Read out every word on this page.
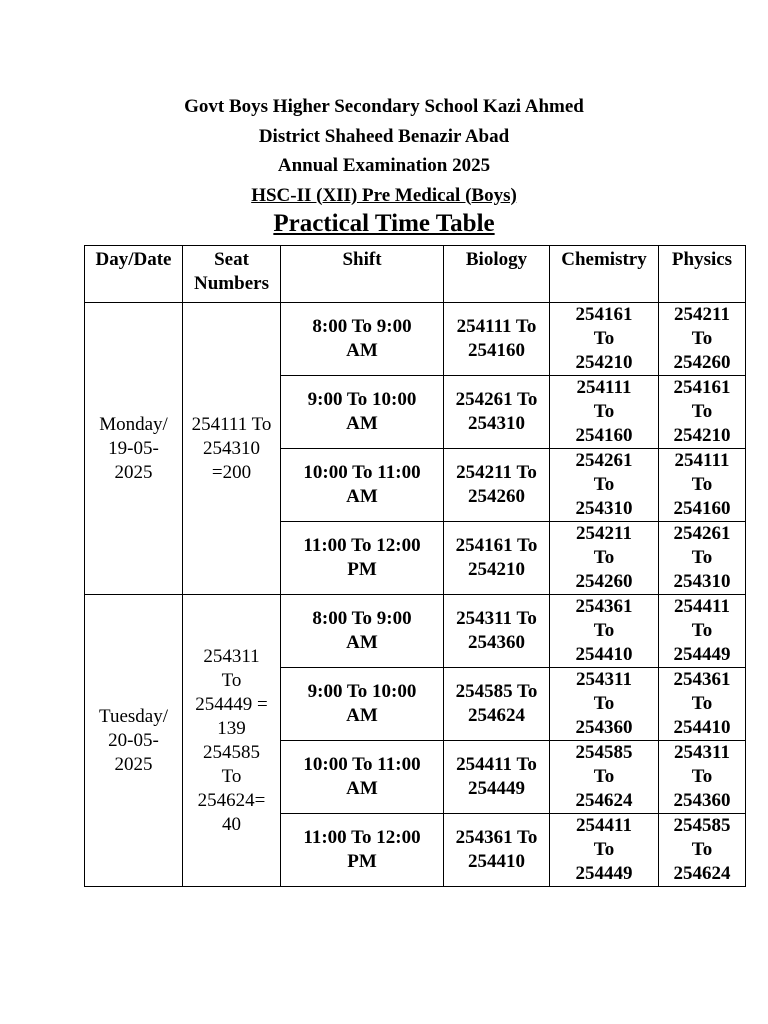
Govt Boys Higher Secondary School Kazi Ahmed
District Shaheed Benazir Abad
Annual Examination 2025
HSC-II (XII) Pre Medical (Boys)
Practical Time Table
Day/Date	Seat Numbers	Shift	Biology	Chemistry	Physics

Monday/ 19-05-2025	254111 To 254310 =200	8:00 To 9:00 AM	254111 To 254160	254161 To 254210	254211 To 254260

		9:00 To 10:00 AM	254261 To 254310	254111 To 254160	254161 To 254210

		10:00 To 11:00 AM	254211 To 254260	254261 To 254310	254111 To 254160

		11:00 To 12:00 PM	254161 To 254210	254211 To 254260	254261 To 254310

Tuesday/ 20-05-2025	254311 To 254449 = 139 254585 To 254624= 40	8:00 To 9:00 AM	254311 To 254360	254361 To 254410	254411 To 254449

		9:00 To 10:00 AM	254585 To 254624	254311 To 254360	254361 To 254410

		10:00 To 11:00 AM	254411 To 254449	254585 To 254624	254311 To 254360

		11:00 To 12:00 PM	254361 To 254410	254411 To 254449	254585 To 254624
